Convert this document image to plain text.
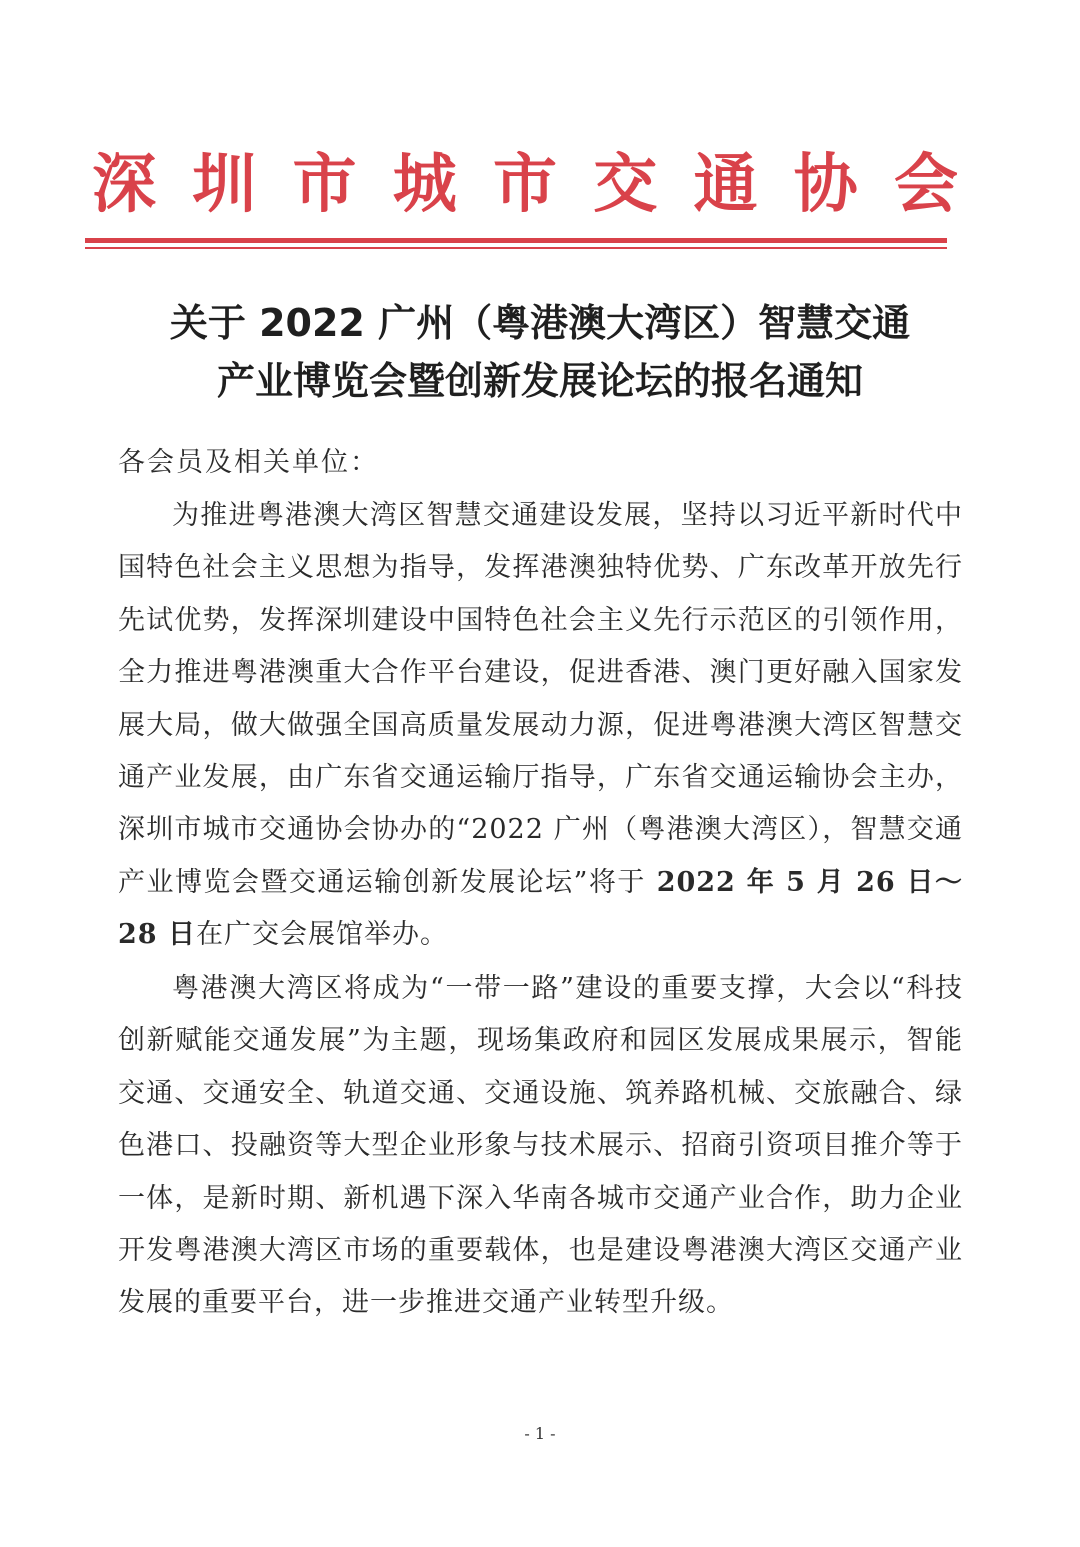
深 圳 市 城 市 交 通 协 会
关于 2022 广州（粤港澳大湾区）智慧交通
产业博览会暨创新发展论坛的报名通知
各会员及相关单位：
为推进粤港澳大湾区智慧交通建设发展，坚持以习近平新时代中国特色社会主义思想为指导，发挥港澳独特优势、广东改革开放先行先试优势，发挥深圳建设中国特色社会主义先行示范区的引领作用，全力推进粤港澳重大合作平台建设，促进香港、澳门更好融入国家发展大局，做大做强全国高质量发展动力源，促进粤港澳大湾区智慧交通产业发展，由广东省交通运输厅指导，广东省交通运输协会主办，深圳市城市交通协会协办的“2022 广州（粤港澳大湾区），智慧交通产业博览会暨交通运输创新发展论坛”将于 2022 年 5 月 26 日～28 日在广交会展馆举办。
粤港澳大湾区将成为“一带一路”建设的重要支撑，大会以“科技创新赋能交通发展”为主题，现场集政府和园区发展成果展示，智能交通、交通安全、轨道交通、交通设施、筑养路机械、交旅融合、绿色港口、投融资等大型企业形象与技术展示、招商引资项目推介等于一体，是新时期、新机遇下深入华南各城市交通产业合作，助力企业开发粤港澳大湾区市场的重要载体，也是建设粤港澳大湾区交通产业发展的重要平台，进一步推进交通产业转型升级。
- 1 -
